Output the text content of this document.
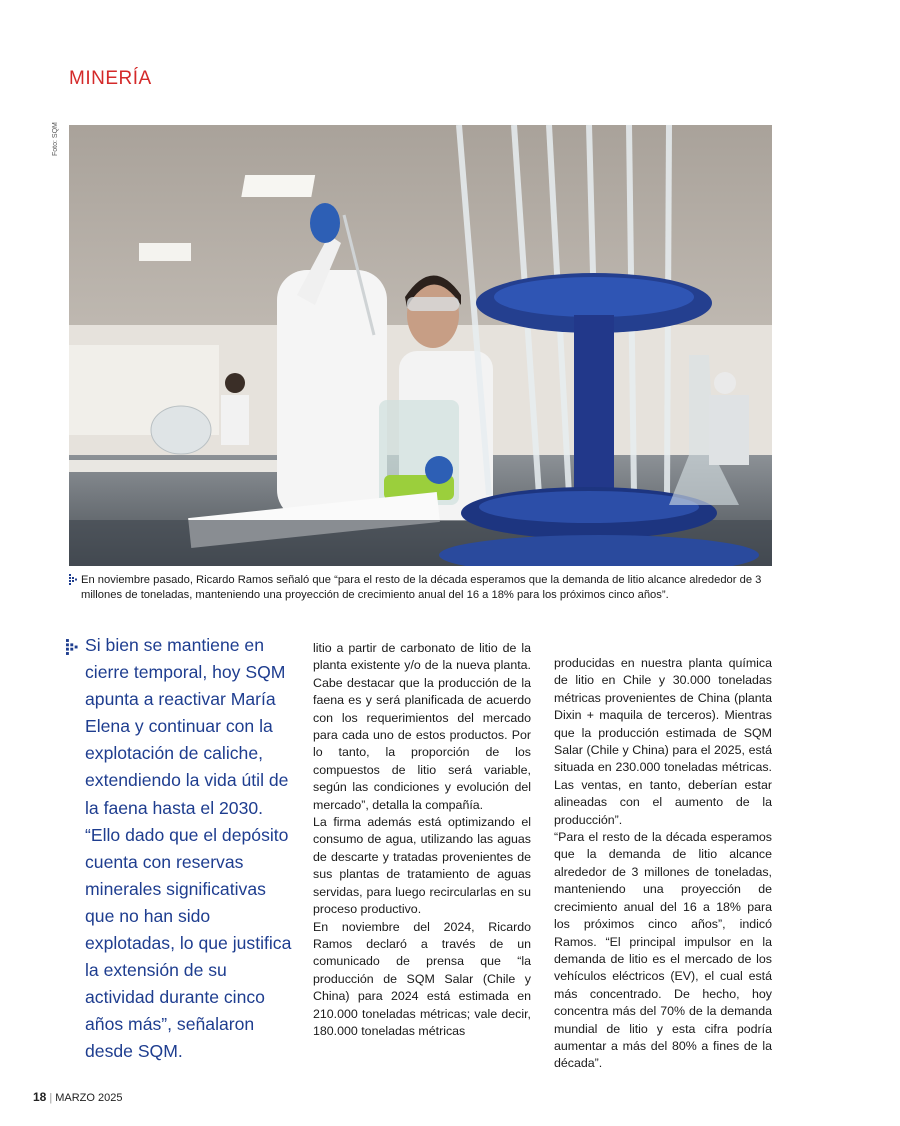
MINERÍA
Foto: SQM
En noviembre pasado, Ricardo Ramos señaló que “para el resto de la década esperamos que la demanda de litio alcance alrededor de 3 millones de toneladas, manteniendo una proyección de crecimiento anual del 16 a 18% para los próximos cinco años”.
Si bien se mantiene en cierre temporal, hoy SQM apunta a reactivar María Elena y continuar con la explotación de caliche, extendiendo la vida útil de la faena hasta el 2030. “Ello dado que el depósito cuenta con reservas minerales significativas que no han sido explotadas, lo que justifica la extensión de su actividad durante cinco años más”, señalaron desde SQM.

litio a partir de carbonato de litio de la planta existente y/o de la nueva planta. Cabe destacar que la producción de la faena es y será planificada de acuerdo con los requerimientos del mercado para cada uno de estos productos. Por lo tanto, la proporción de los compuestos de litio será variable, según las condiciones y evolución del mercado”, detalla la compañía.

La firma además está optimizando el consumo de agua, utilizando las aguas de descarte y tratadas provenientes de sus plantas de tratamiento de aguas servidas, para luego recircularlas en su proceso productivo.

En noviembre del 2024, Ricardo Ramos declaró a través de un comunicado de prensa que “la producción de SQM Salar (Chile y China) para 2024 está estimada en 210.000 toneladas métricas; vale decir, 180.000 toneladas métricas

producidas en nuestra planta química de litio en Chile y 30.000 toneladas métricas provenientes de China (planta Dixin + maquila de terceros). Mientras que la producción estimada de SQM Salar (Chile y China) para el 2025, está situada en 230.000 toneladas métricas. Las ventas, en tanto, deberían estar alineadas con el aumento de la producción”.

“Para el resto de la década esperamos que la demanda de litio alcance alrededor de 3 millones de toneladas, manteniendo una proyección de crecimiento anual del 16 a 18% para los próximos cinco años”, indicó Ramos. “El principal impulsor en la demanda de litio es el mercado de los vehículos eléctricos (EV), el cual está más concentrado. De hecho, hoy concentra más del 70% de la demanda mundial de litio y esta cifra podría aumentar a más del 80% a fines de la década”.

18 | MARZO 2025
